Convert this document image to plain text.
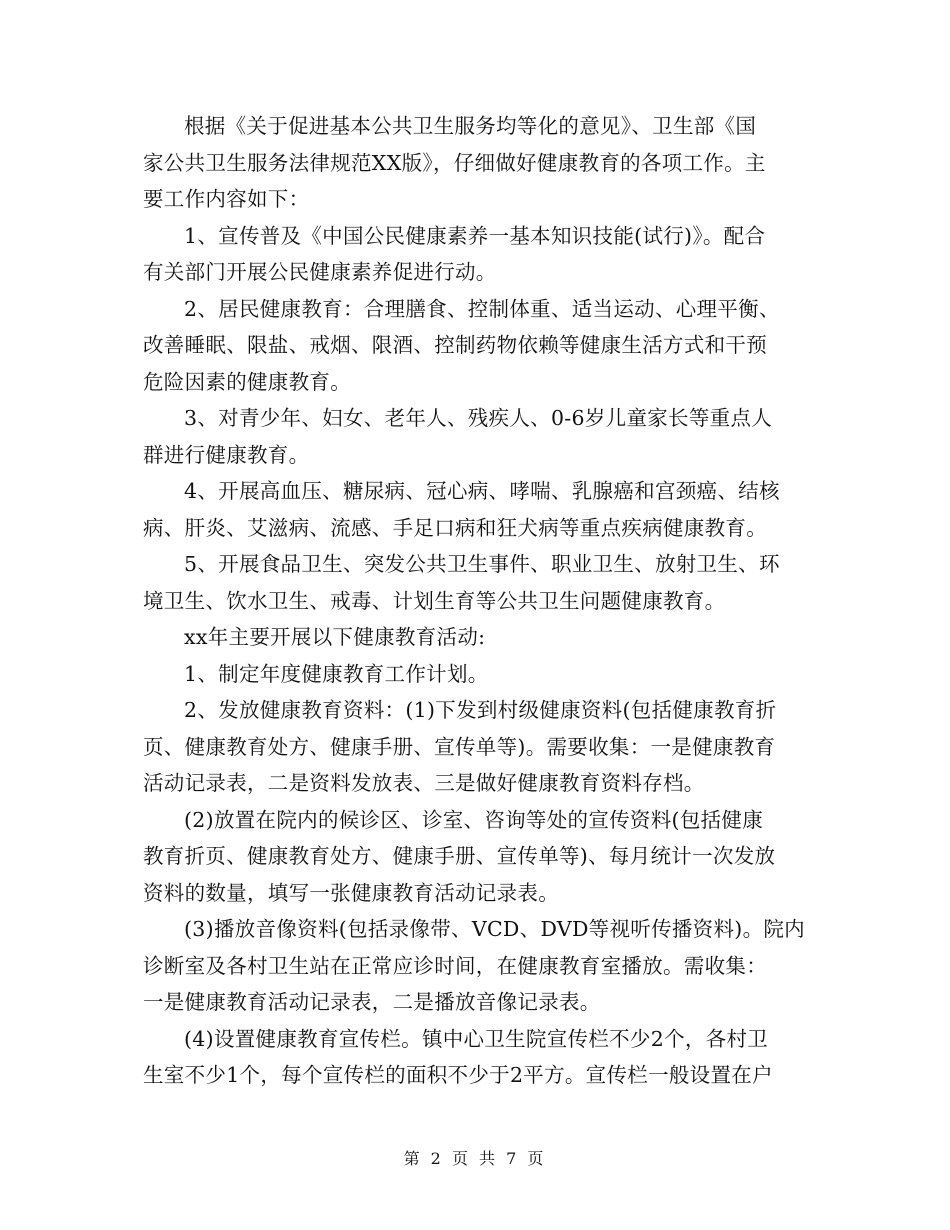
根据《关于促进基本公共卫生服务均等化的意见》、卫生部《国
家公共卫生服务法律规范XX版》，仔细做好健康教育的各项工作。主
要工作内容如下：

1、宣传普及《中国公民健康素养一基本知识技能(试行)》。配合
有关部门开展公民健康素养促进行动。

2、居民健康教育：合理膳食、控制体重、适当运动、心理平衡、
改善睡眠、限盐、戒烟、限酒、控制药物依赖等健康生活方式和干预
危险因素的健康教育。

3、对青少年、妇女、老年人、残疾人、0-6岁儿童家长等重点人
群进行健康教育。

4、开展高血压、糖尿病、冠心病、哮喘、乳腺癌和宫颈癌、结核
病、肝炎、艾滋病、流感、手足口病和狂犬病等重点疾病健康教育。

5、开展食品卫生、突发公共卫生事件、职业卫生、放射卫生、环
境卫生、饮水卫生、戒毒、计划生育等公共卫生问题健康教育。

xx年主要开展以下健康教育活动:

1、制定年度健康教育工作计划。

2、发放健康教育资料：(1)下发到村级健康资料(包括健康教育折
页、健康教育处方、健康手册、宣传单等)。需要收集：一是健康教育
活动记录表，二是资料发放表、三是做好健康教育资料存档。

(2)放置在院内的候诊区、诊室、咨询等处的宣传资料(包括健康
教育折页、健康教育处方、健康手册、宣传单等)、每月统计一次发放
资料的数量，填写一张健康教育活动记录表。

(3)播放音像资料(包括录像带、VCD、DVD等视听传播资料)。院内
诊断室及各村卫生站在正常应诊时间，在健康教育室播放。需收集：
一是健康教育活动记录表，二是播放音像记录表。

(4)设置健康教育宣传栏。镇中心卫生院宣传栏不少2个，各村卫
生室不少1个，每个宣传栏的面积不少于2平方。宣传栏一般设置在户

第 2 页 共 7 页
